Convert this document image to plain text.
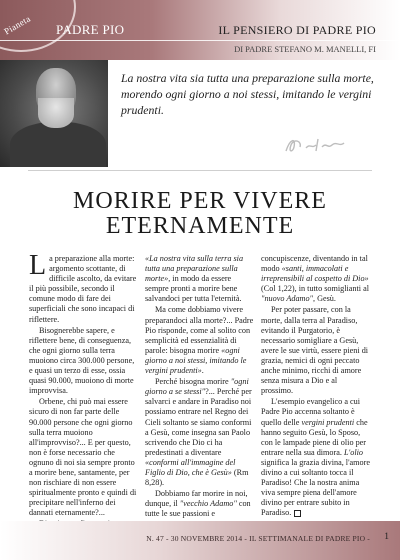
Pianeta PADRE PIO	IL PENSIERO DI PADRE PIO
DI PADRE STEFANO M. MANELLI, FI
La nostra vita sia tutta una preparazione sulla morte, morendo ogni giorno a noi stessi, imitando le vergini prudenti.
MORIRE PER VIVERE
ETERNAMENTE

La preparazione alla morte: argomento scottante, di difficile ascolto, da evitare il più possibile, secondo il comune modo di fare dei superficiali che sono incapaci di riflettere.

Bisognerebbe sapere, e riflettere bene, di conseguenza, che ogni giorno sulla terra muoiono circa 300.000 persone, e quasi un terzo di esse, ossia quasi 90.000, muoiono di morte improvvisa.

Orbene, chi può mai essere sicuro di non far parte delle 90.000 persone che ogni giorno sulla terra muoiono all'improvviso?... E per questo, non è forse necessario che ognuno di noi sia sempre pronto a morire bene, santamente, per non rischiare di non essere spiritualmente pronto e quindi di precipitare nell'inferno dei dannati eternamente?...

«La nostra vita sulla terra sia tutta una preparazione sulla morte», in modo da essere sempre pronti a morire bene salvandoci per tutta l'eternità.

Ma come dobbiamo vivere preparandoci alla morte?... Padre Pio risponde, come al solito con semplicità ed essenzialità di parole: bisogna morire «ogni giorno a noi stessi, imitando le vergini prudenti».

Perché bisogna morire "ogni giorno a se stessi"?... Perché per salvarci e andare in Paradiso noi possiamo entrare nel Regno dei Cieli soltanto se siamo conformi a Gesù, come insegna san Paolo scrivendo che Dio ci ha predestinati a diventare «conformi all'immagine del Figlio di Dio, che è Gesù» (Rm 8,28).

Dobbiamo far morire in noi, dunque, il "vecchio Adamo" con tutte le sue passioni e

concupiscenze, diventando in tal modo «santi, immacolati e irreprensibili al cospetto di Dio» (Col 1,22), in tutto somiglianti al "nuovo Adamo", Gesù.

Per poter passare, con la morte, dalla terra al Paradiso, evitando il Purgatorio, è necessario somigliare a Gesù, avere le sue virtù, essere pieni di grazia, nemici di ogni peccato anche minimo, ricchi di amore senza misura a Dio e al prossimo.

L'esempio evangelico a cui Padre Pio accenna soltanto è quello delle vergini prudenti che hanno seguito Gesù, lo Sposo, con le lampade piene di olio per entrare nella sua dimora. L'olio significa la grazia divina, l'amore divino a cui soltanto tocca il Paradiso! Che la nostra anima viva sempre piena dell'amore divino per entrare subito in Paradiso.

N. 47 - 30 NOVEMBRE 2014 - IL SETTIMANALE DI PADRE PIO - 1
